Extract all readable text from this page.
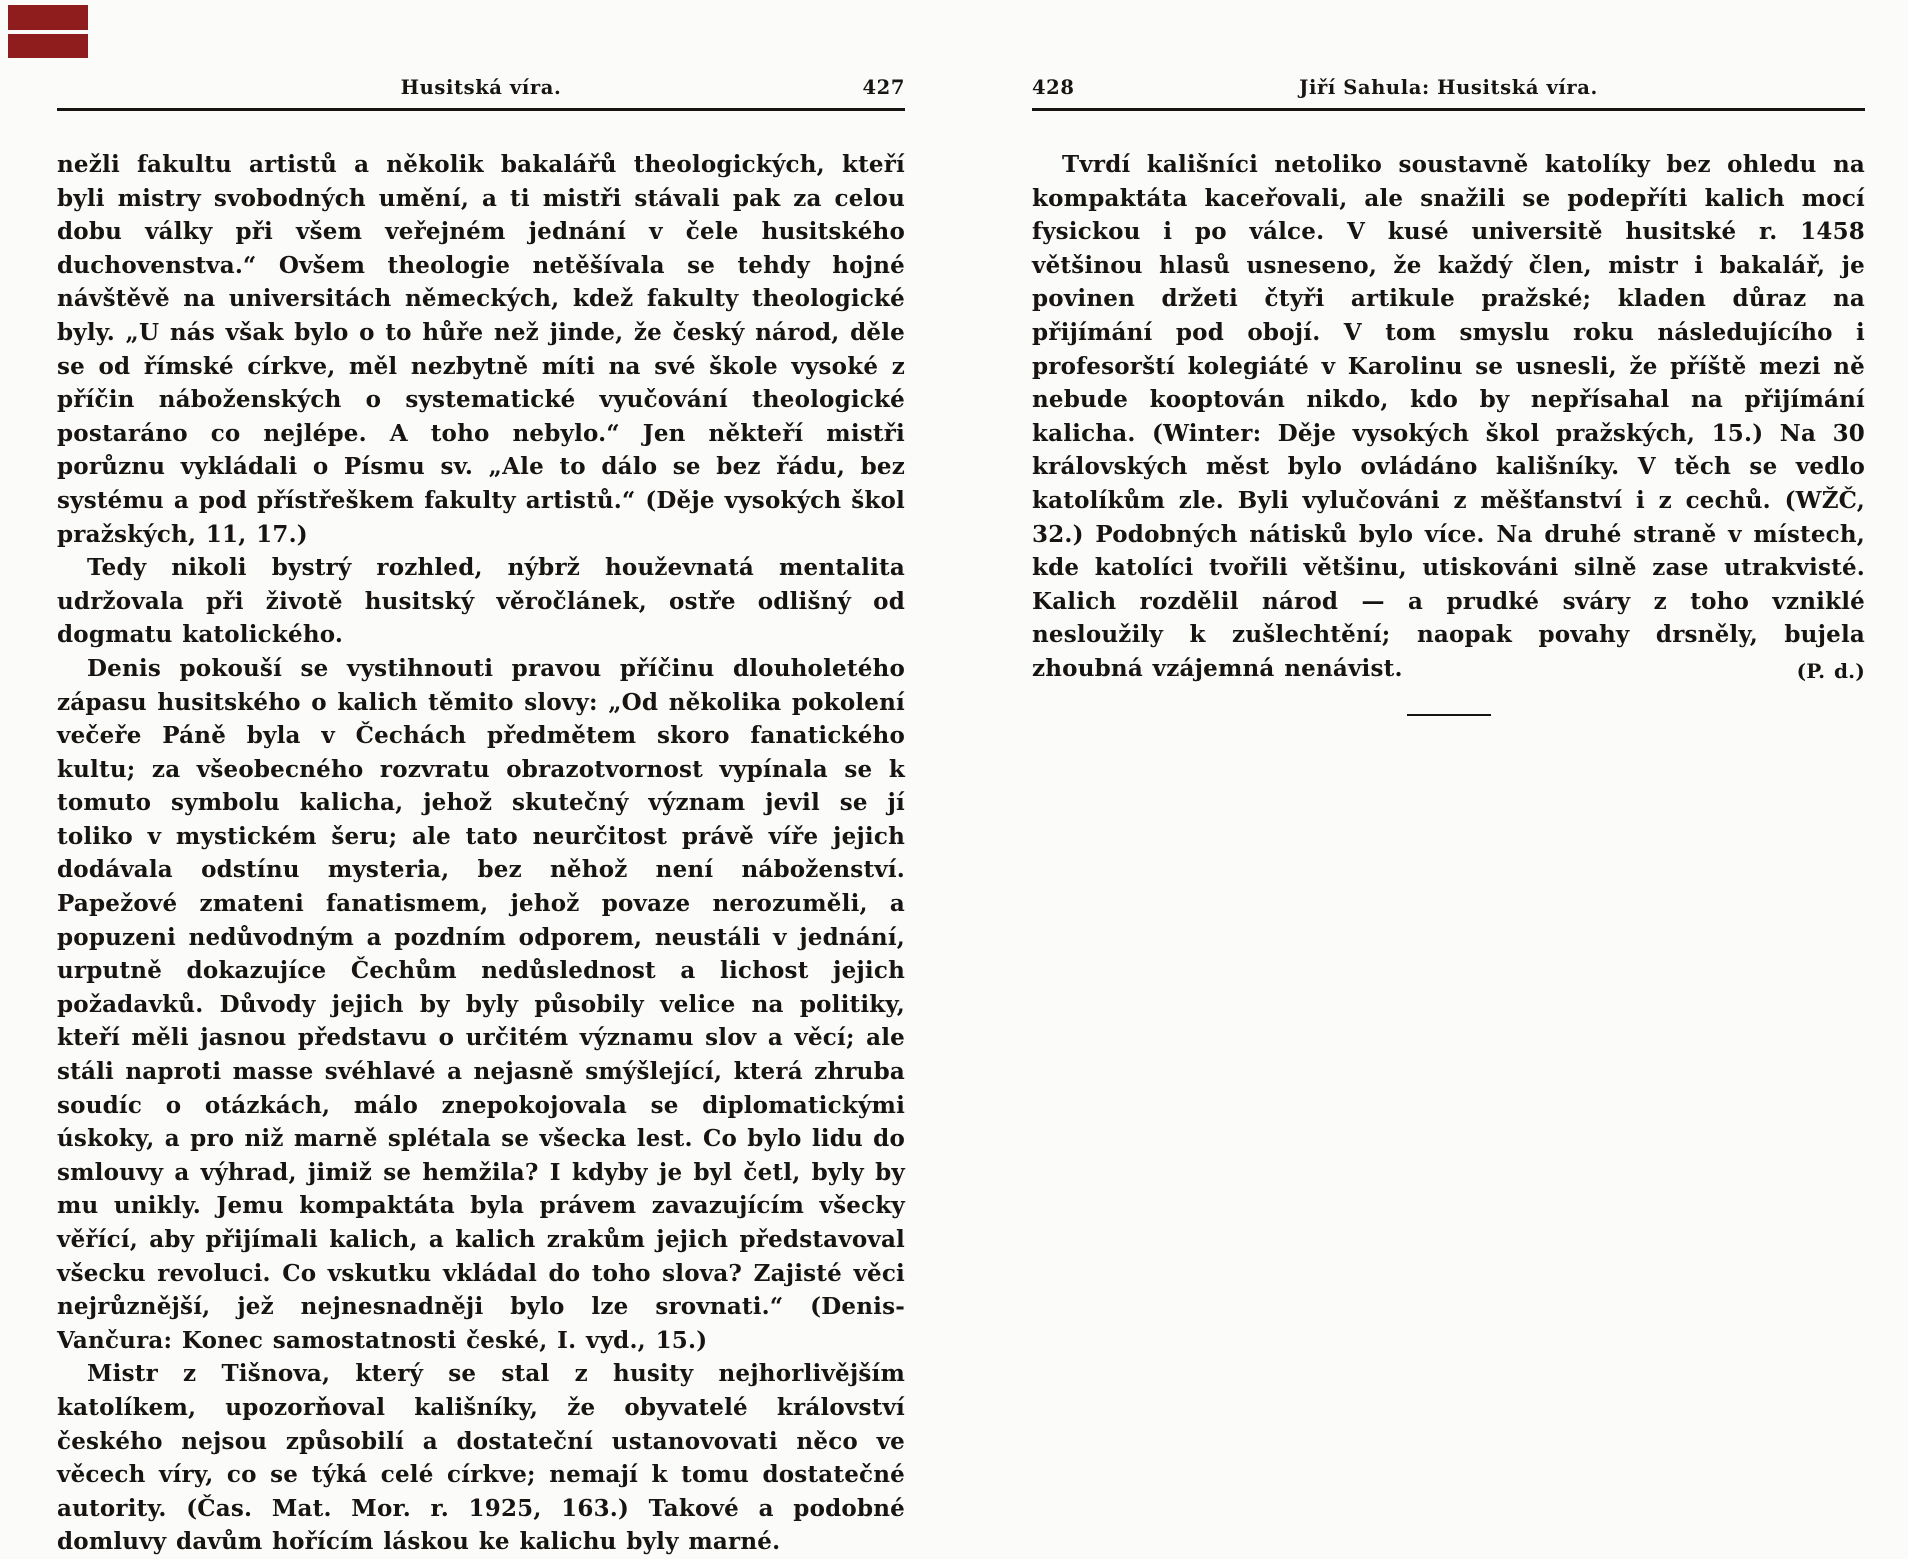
Husitská víra.	427

nežli fakultu artistů a několik bakalářů theologických, kteří byli mistry svobodných umění, a ti mistři stávali pak za celou dobu války při všem veřejném jednání v čele husitského duchovenstva.“ Ovšem theologie netěšívala se tehdy hojné návštěvě na universitách německých, kdež fakulty theologické byly. „U nás však bylo o to hůře než jinde, že český národ, děle se od římské církve, měl nezbytně míti na své škole vysoké z příčin náboženských o systematické vyučování theologické postaráno co nejlépe. A toho nebylo.“ Jen někteří mistři porůznu vykládali o Písmu sv. „Ale to dálo se bez řádu, bez systému a pod přístřeškem fakulty artistů.“ (Děje vysokých škol pražských, 11, 17.)

Tedy nikoli bystrý rozhled, nýbrž houževnatá mentalita udržovala při životě husitský věročlánek, ostře odlišný od dogmatu katolického.

Denis pokouší se vystihnouti pravou příčinu dlouholetého zápasu husitského o kalich těmito slovy: „Od několika pokolení večeře Páně byla v Čechách předmětem skoro fanatického kultu; za všeobecného rozvratu obrazotvornost vypínala se k tomuto symbolu kalicha, jehož skutečný význam jevil se jí toliko v mystickém šeru; ale tato neurčitost právě víře jejich dodávala odstínu mysteria, bez něhož není náboženství. Papežové zmateni fanatismem, jehož povaze nerozuměli, a popuzeni nedůvodným a pozdním odporem, neustáli v jednání, urputně dokazujíce Čechům nedůslednost a lichost jejich požadavků. Důvody jejich by byly působily velice na politiky, kteří měli jasnou představu o určitém významu slov a věcí; ale stáli naproti masse svéhlavé a nejasně smýšlející, která zhruba soudíc o otázkách, málo znepokojovala se diplomatickými úskoky, a pro niž marně splétala se všecka lest. Co bylo lidu do smlouvy a výhrad, jimiž se hemžila? I kdyby je byl četl, byly by mu unikly. Jemu kompaktáta byla právem zavazujícím všecky věřící, aby přijímali kalich, a kalich zrakům jejich představoval všecku revoluci. Co vskutku vkládal do toho slova? Zajisté věci nejrůznější, jež nejnesnadněji bylo lze srovnati.“ (Denis-Vančura: Konec samostatnosti české, I. vyd., 15.)

Mistr z Tišnova, který se stal z husity nejhorlivějším katolíkem, upozorňoval kališníky, že obyvatelé království českého nejsou způsobilí a dostateční ustanovovati něco ve věcech víry, co se týká celé církve; nemají k tomu dostatečné autority. (Čas. Mat. Mor. r. 1925, 163.) Takové a podobné domluvy davům hořícím láskou ke kalichu byly marné.

428	Jiří Sahula: Husitská víra.

Tvrdí kališníci netoliko soustavně katolíky bez ohledu na kompaktáta kaceřovali, ale snažili se podepříti kalich mocí fysickou i po válce. V kusé universitě husitské r. 1458 většinou hlasů usneseno, že každý člen, mistr i bakalář, je povinen držeti čtyři artikule pražské; kladen důraz na přijímání pod obojí. V tom smyslu roku následujícího i profesorští kolegiáté v Karolinu se usnesli, že příště mezi ně nebude kooptován nikdo, kdo by nepřísahal na přijímání kalicha. (Winter: Děje vysokých škol pražských, 15.) Na 30 královských měst bylo ovládáno kališníky. V těch se vedlo katolíkům zle. Byli vylučováni z měšťanství i z cechů. (WŽČ, 32.) Podobných nátisků bylo více. Na druhé straně v místech, kde katolíci tvořili většinu, utiskováni silně zase utrakvisté. Kalich rozdělil národ — a prudké sváry z toho vzniklé nesloužily k zušlechtění; naopak povahy drsněly, bujela zhoubná vzájemná nenávist.	(P. d.)
